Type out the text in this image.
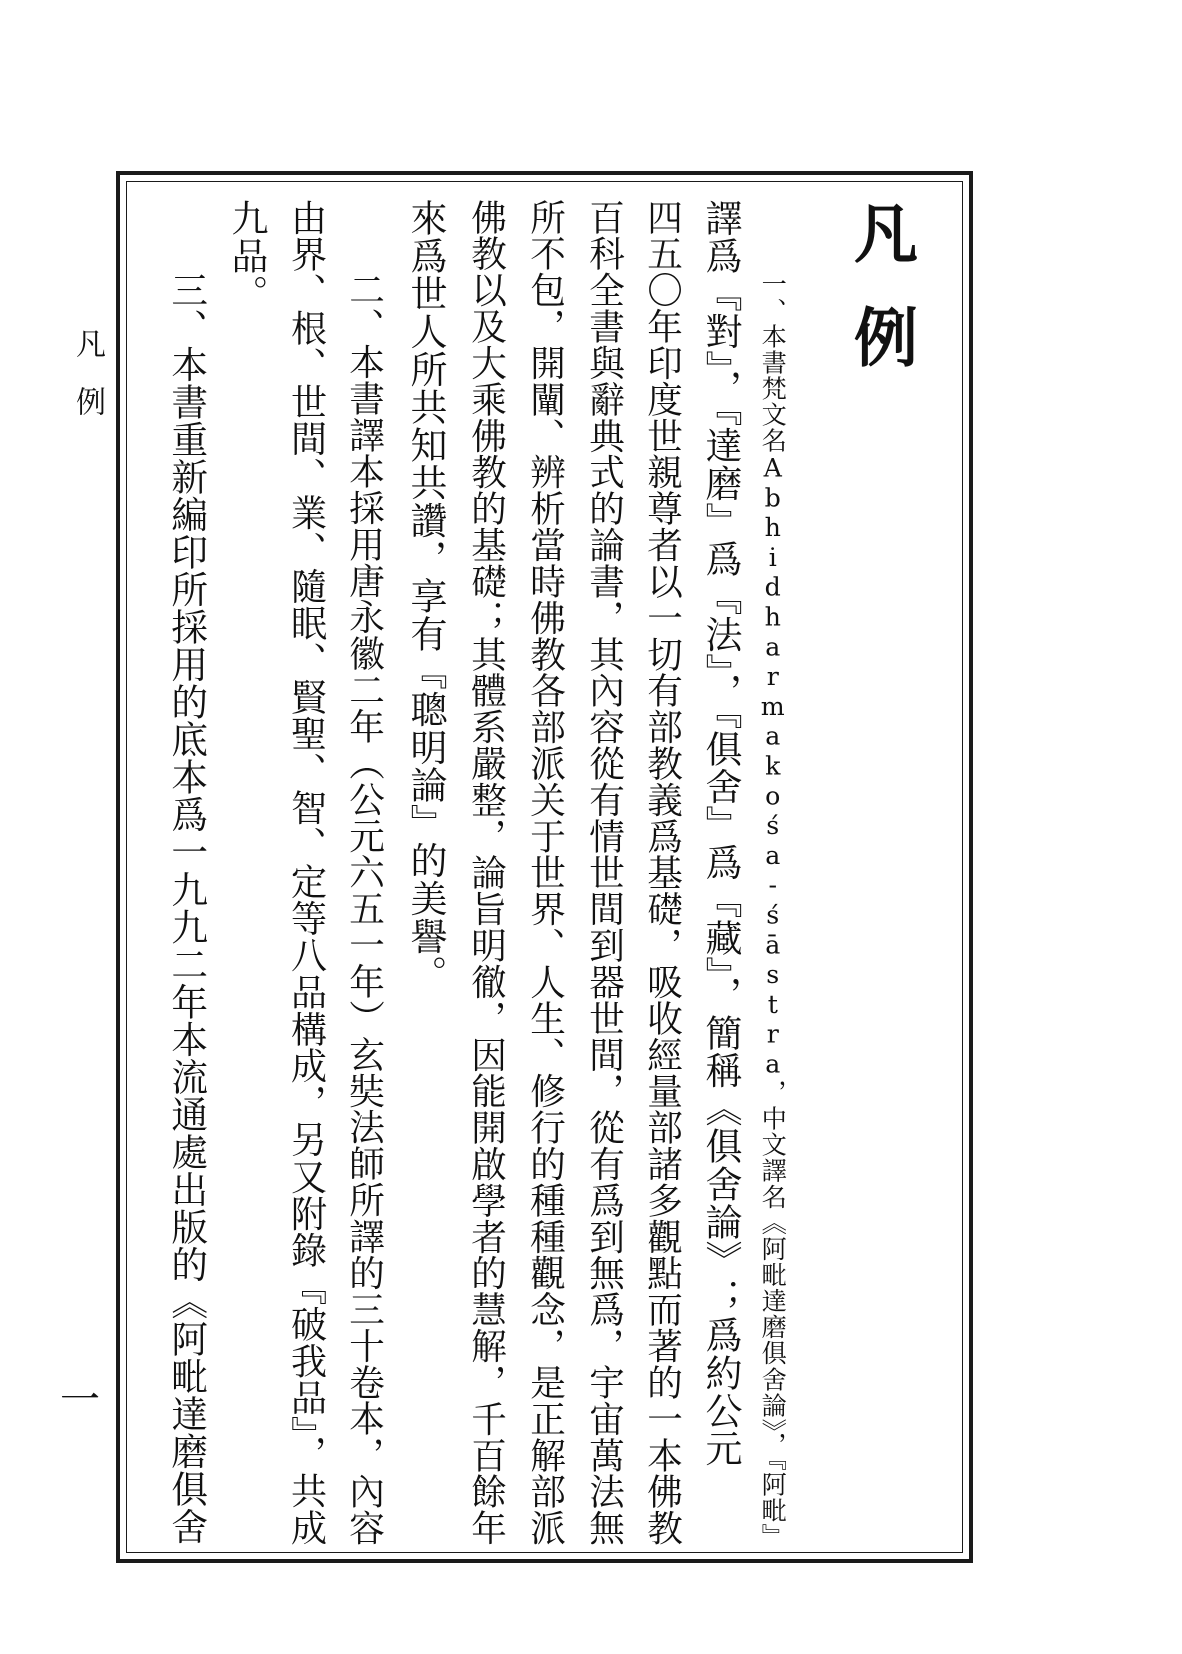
凡例
一、本書梵文名Abhidharmakośa-śāstra，中文譯名《阿毗達磨俱舍論》，『阿毗』
譯爲『對』，『達磨』爲『法』，『俱舍』爲『藏』，簡稱《俱舍論》；爲約公元
四五〇年印度世親尊者以一切有部教義爲基礎，吸收經量部諸多觀點而著的一本佛教
百科全書與辭典式的論書，其內容從有情世間到器世間，從有爲到無爲，宇宙萬法無
所不包，開闡、辨析當時佛教各部派关于世界、人生、修行的種種觀念，是正解部派
佛教以及大乘佛教的基礎；其體系嚴整，論旨明徹，因能開啟學者的慧解，千百餘年
來爲世人所共知共讚，享有『聰明論』的美譽。
二、本書譯本採用唐永徽二年（公元六五一年）玄奘法師所譯的三十卷本，內容
由界、根、世間、業、隨眠、賢聖、智、定等八品構成，另又附錄『破我品』，共成
九品。
三、本書重新編印所採用的底本爲一九九二年本流通處出版的《阿毗達磨俱舍
凡例
一
